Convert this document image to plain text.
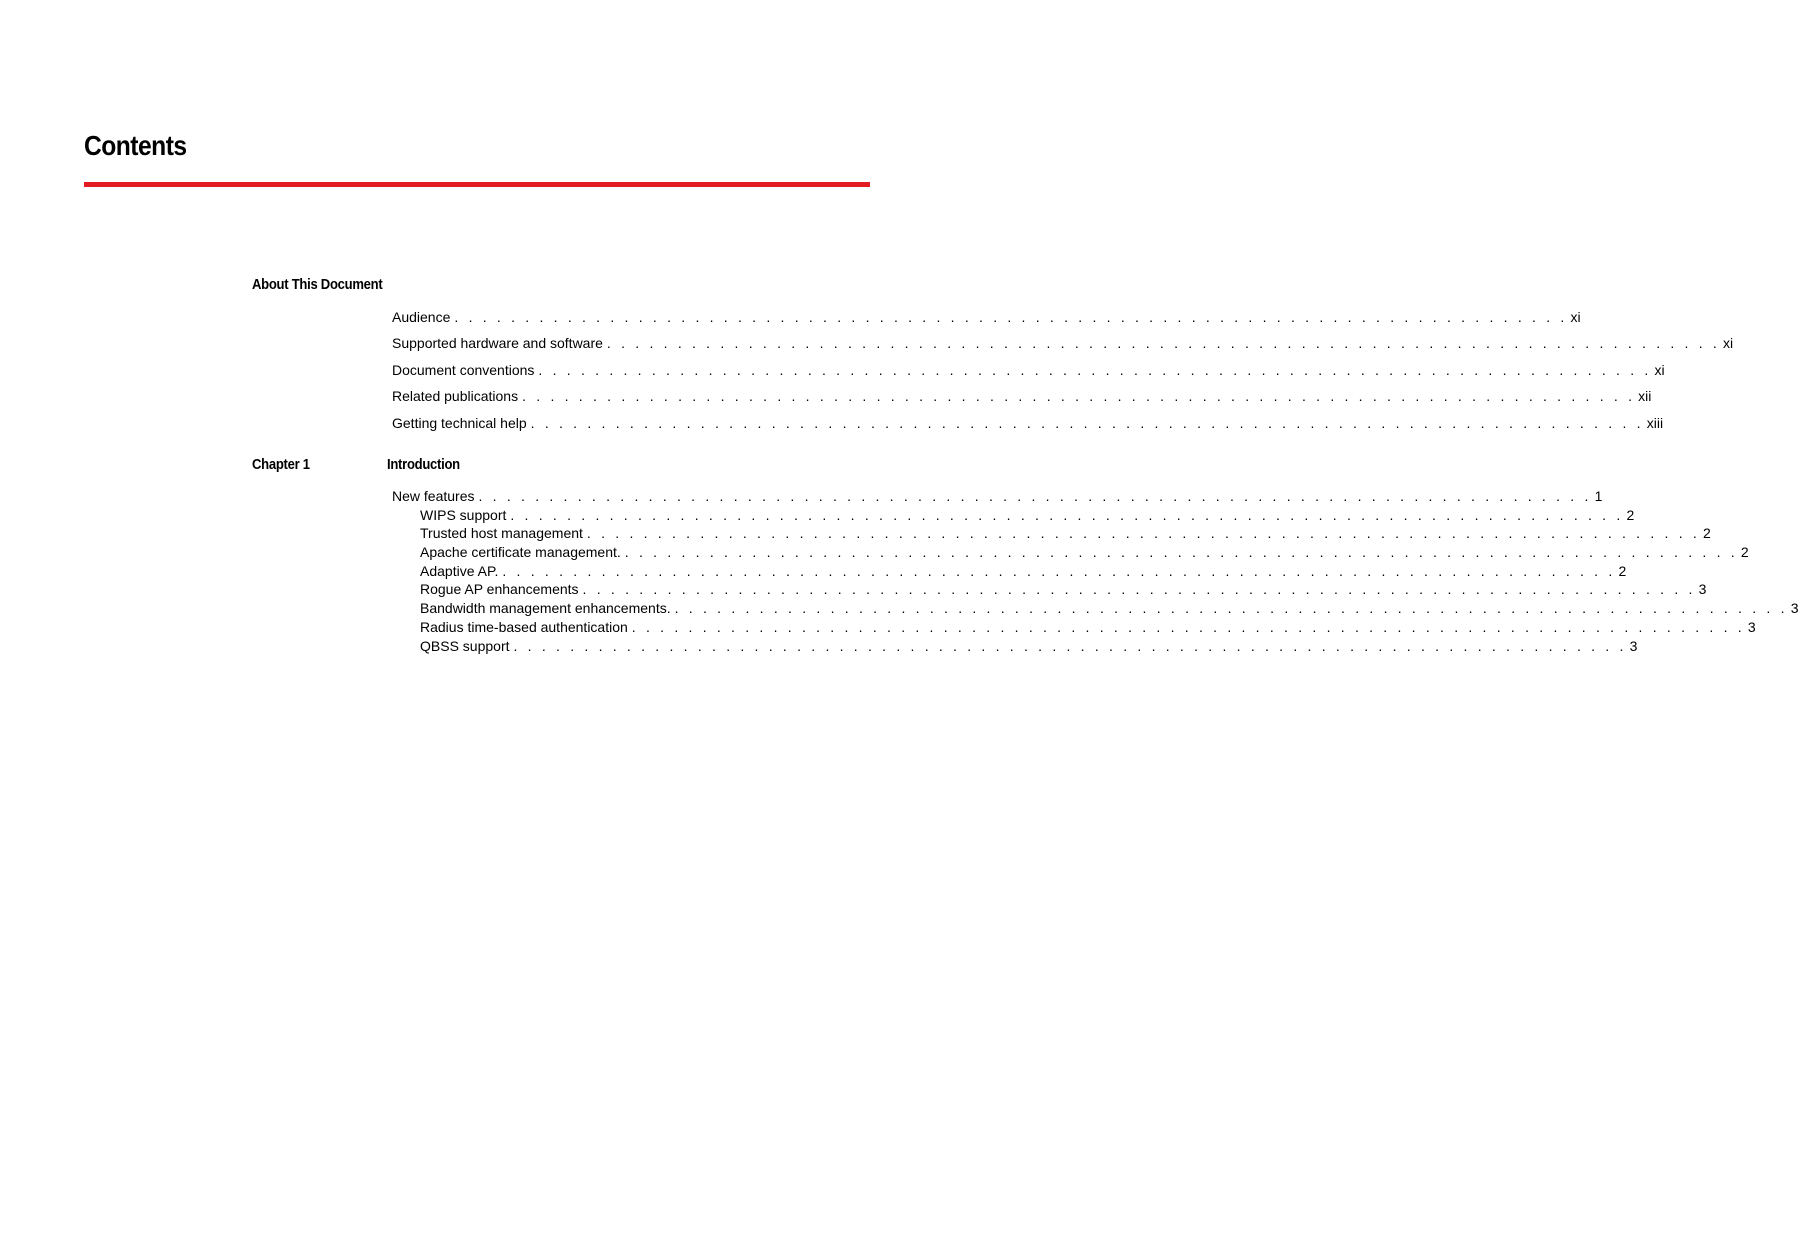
Contents
About This Document
Audience . . . . . . . . . . . . . . . . . . . . . . . . . . . . . . . . . . . . . . . . . . . . . . . . . . . . . . . . . . . . . . . . . . . . . . . . . . . . . . . xi
Supported hardware and software . . . . . . . . . . . . . . . . . . . . . . . . . . . . . . . . . . . . . . . . . . . . . . . . . . . . . . . . . . . . . . . . . . . . . . . . . . . . . . . xi
Document conventions . . . . . . . . . . . . . . . . . . . . . . . . . . . . . . . . . . . . . . . . . . . . . . . . . . . . . . . . . . . . . . . . . . . . . . . . . . . . . . . xi
Related publications . . . . . . . . . . . . . . . . . . . . . . . . . . . . . . . . . . . . . . . . . . . . . . . . . . . . . . . . . . . . . . . . . . . . . . . . . . . . . . . xii
Getting technical help . . . . . . . . . . . . . . . . . . . . . . . . . . . . . . . . . . . . . . . . . . . . . . . . . . . . . . . . . . . . . . . . . . . . . . . . . . . . . . . xiii
Chapter 1	Introduction
New features . . . . . . . . . . . . . . . . . . . . . . . . . . . . . . . . . . . . . . . . . . . . . . . . . . . . . . . . . . . . . . . . . . . . . . . . . . . . . . . 1
WIPS support . . . . . . . . . . . . . . . . . . . . . . . . . . . . . . . . . . . . . . . . . . . . . . . . . . . . . . . . . . . . . . . . . . . . . . . . . . . . . . . 2
Trusted host management . . . . . . . . . . . . . . . . . . . . . . . . . . . . . . . . . . . . . . . . . . . . . . . . . . . . . . . . . . . . . . . . . . . . . . . . . . . . . . . 2
Apache certificate management. . . . . . . . . . . . . . . . . . . . . . . . . . . . . . . . . . . . . . . . . . . . . . . . . . . . . . . . . . . . . . . . . . . . . . . . . . . . . . . . 2
Adaptive AP. . . . . . . . . . . . . . . . . . . . . . . . . . . . . . . . . . . . . . . . . . . . . . . . . . . . . . . . . . . . . . . . . . . . . . . . . . . . . . . . 2
Rogue AP enhancements . . . . . . . . . . . . . . . . . . . . . . . . . . . . . . . . . . . . . . . . . . . . . . . . . . . . . . . . . . . . . . . . . . . . . . . . . . . . . . . 3
Bandwidth management enhancements. . . . . . . . . . . . . . . . . . . . . . . . . . . . . . . . . . . . . . . . . . . . . . . . . . . . . . . . . . . . . . . . . . . . . . . . . . . . . . . . 3
Radius time-based authentication . . . . . . . . . . . . . . . . . . . . . . . . . . . . . . . . . . . . . . . . . . . . . . . . . . . . . . . . . . . . . . . . . . . . . . . . . . . . . . . 3
QBSS support . . . . . . . . . . . . . . . . . . . . . . . . . . . . . . . . . . . . . . . . . . . . . . . . . . . . . . . . . . . . . . . . . . . . . . . . . . . . . . . 3
